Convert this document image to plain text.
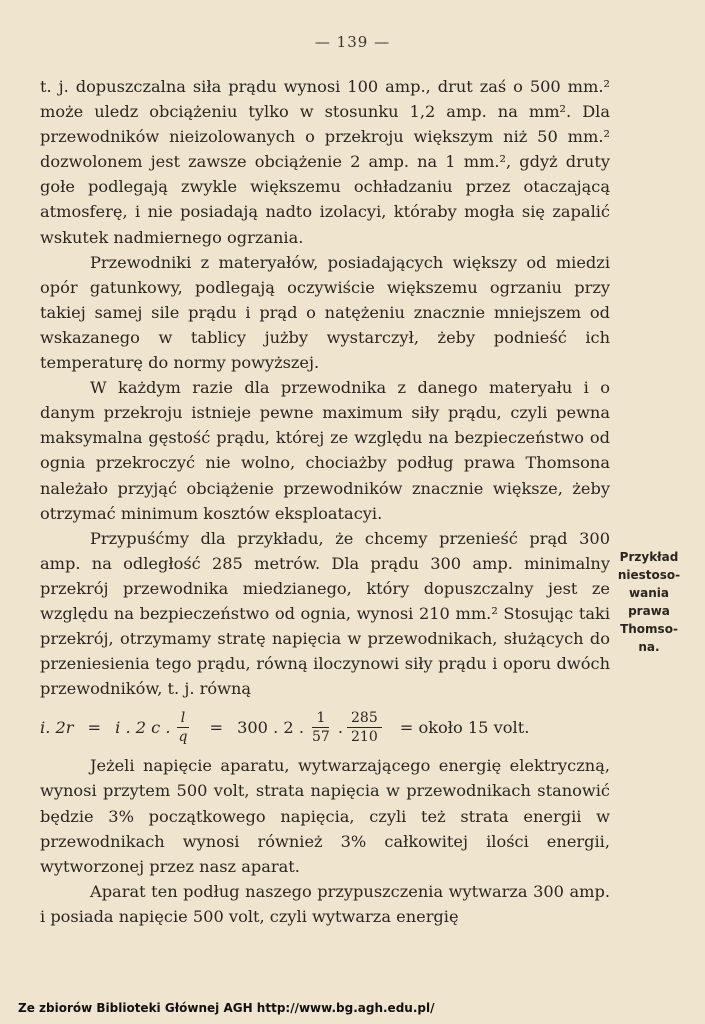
— 139 —

t. j. dopuszczalna siła prądu wynosi 100 amp., drut zaś o 500 mm.² może uledz obciążeniu tylko w stosunku 1,2 amp. na mm². Dla przewodników nieizolowanych o przekroju większym niż 50 mm.² dozwolonem jest zawsze obciążenie 2 amp. na 1 mm.², gdyż druty gołe podlegają zwykle większemu ochładzaniu przez otaczającą atmosferę, i nie posiadają nadto izolacyi, któraby mogła się zapalić wskutek nadmiernego ogrzania.

Przewodniki z materyałów, posiadających większy od miedzi opór gatunkowy, podlegają oczywiście większemu ogrzaniu przy takiej samej sile prądu i prąd o natężeniu znacznie mniejszem od wskazanego w tablicy jużby wystarczył, żeby podnieść ich temperaturę do normy powyższej.

W każdym razie dla przewodnika z danego materyału i o danym przekroju istnieje pewne maximum siły prądu, czyli pewna maksymalna gęstość prądu, której ze względu na bezpieczeństwo od ognia przekroczyć nie wolno, chociażby podług prawa Thomsona należało przyjąć obciążenie przewodników znacznie większe, żeby otrzymać minimum kosztów eksploatacyi.

Przypuśćmy dla przykładu, że chcemy przenieść prąd 300 amp. na odległość 285 metrów. Dla prądu 300 amp. minimalny przekrój przewodnika miedzianego, który dopuszczalny jest ze względu na bezpieczeństwo od ognia, wynosi 210 mm.² Stosując taki przekrój, otrzymamy stratę napięcia w przewodnikach, służących do przeniesienia tego prądu, równą iloczynowi siły prądu i oporu dwóch przewodników, t. j. równą

i . 2r = i
. 2 c . $\frac{l}{q} = 300$ . 2 . $\frac{1}{57}$ . $\frac{285}{210}$ = około 15 volt.

Jeżeli napięcie aparatu, wytwarzającego energię elektryczną, wynosi przytem 500 volt, strata napięcia w przewodnikach stanowić będzie 3% początkowego napięcia, czyli też strata energii w przewodnikach wynosi również 3% całkowitej ilości energii, wytworzonej przez nasz aparat.

Aparat ten podług naszego przypuszczenia wytwarza 300 amp. i posiada napięcie 500 volt, czyli wytwarza energię

Przykład
niestoso-
wania
prawa
Thomso-
na.
Ze zbiorów Biblioteki Głównej AGH http://www.bg.agh.edu.pl/
